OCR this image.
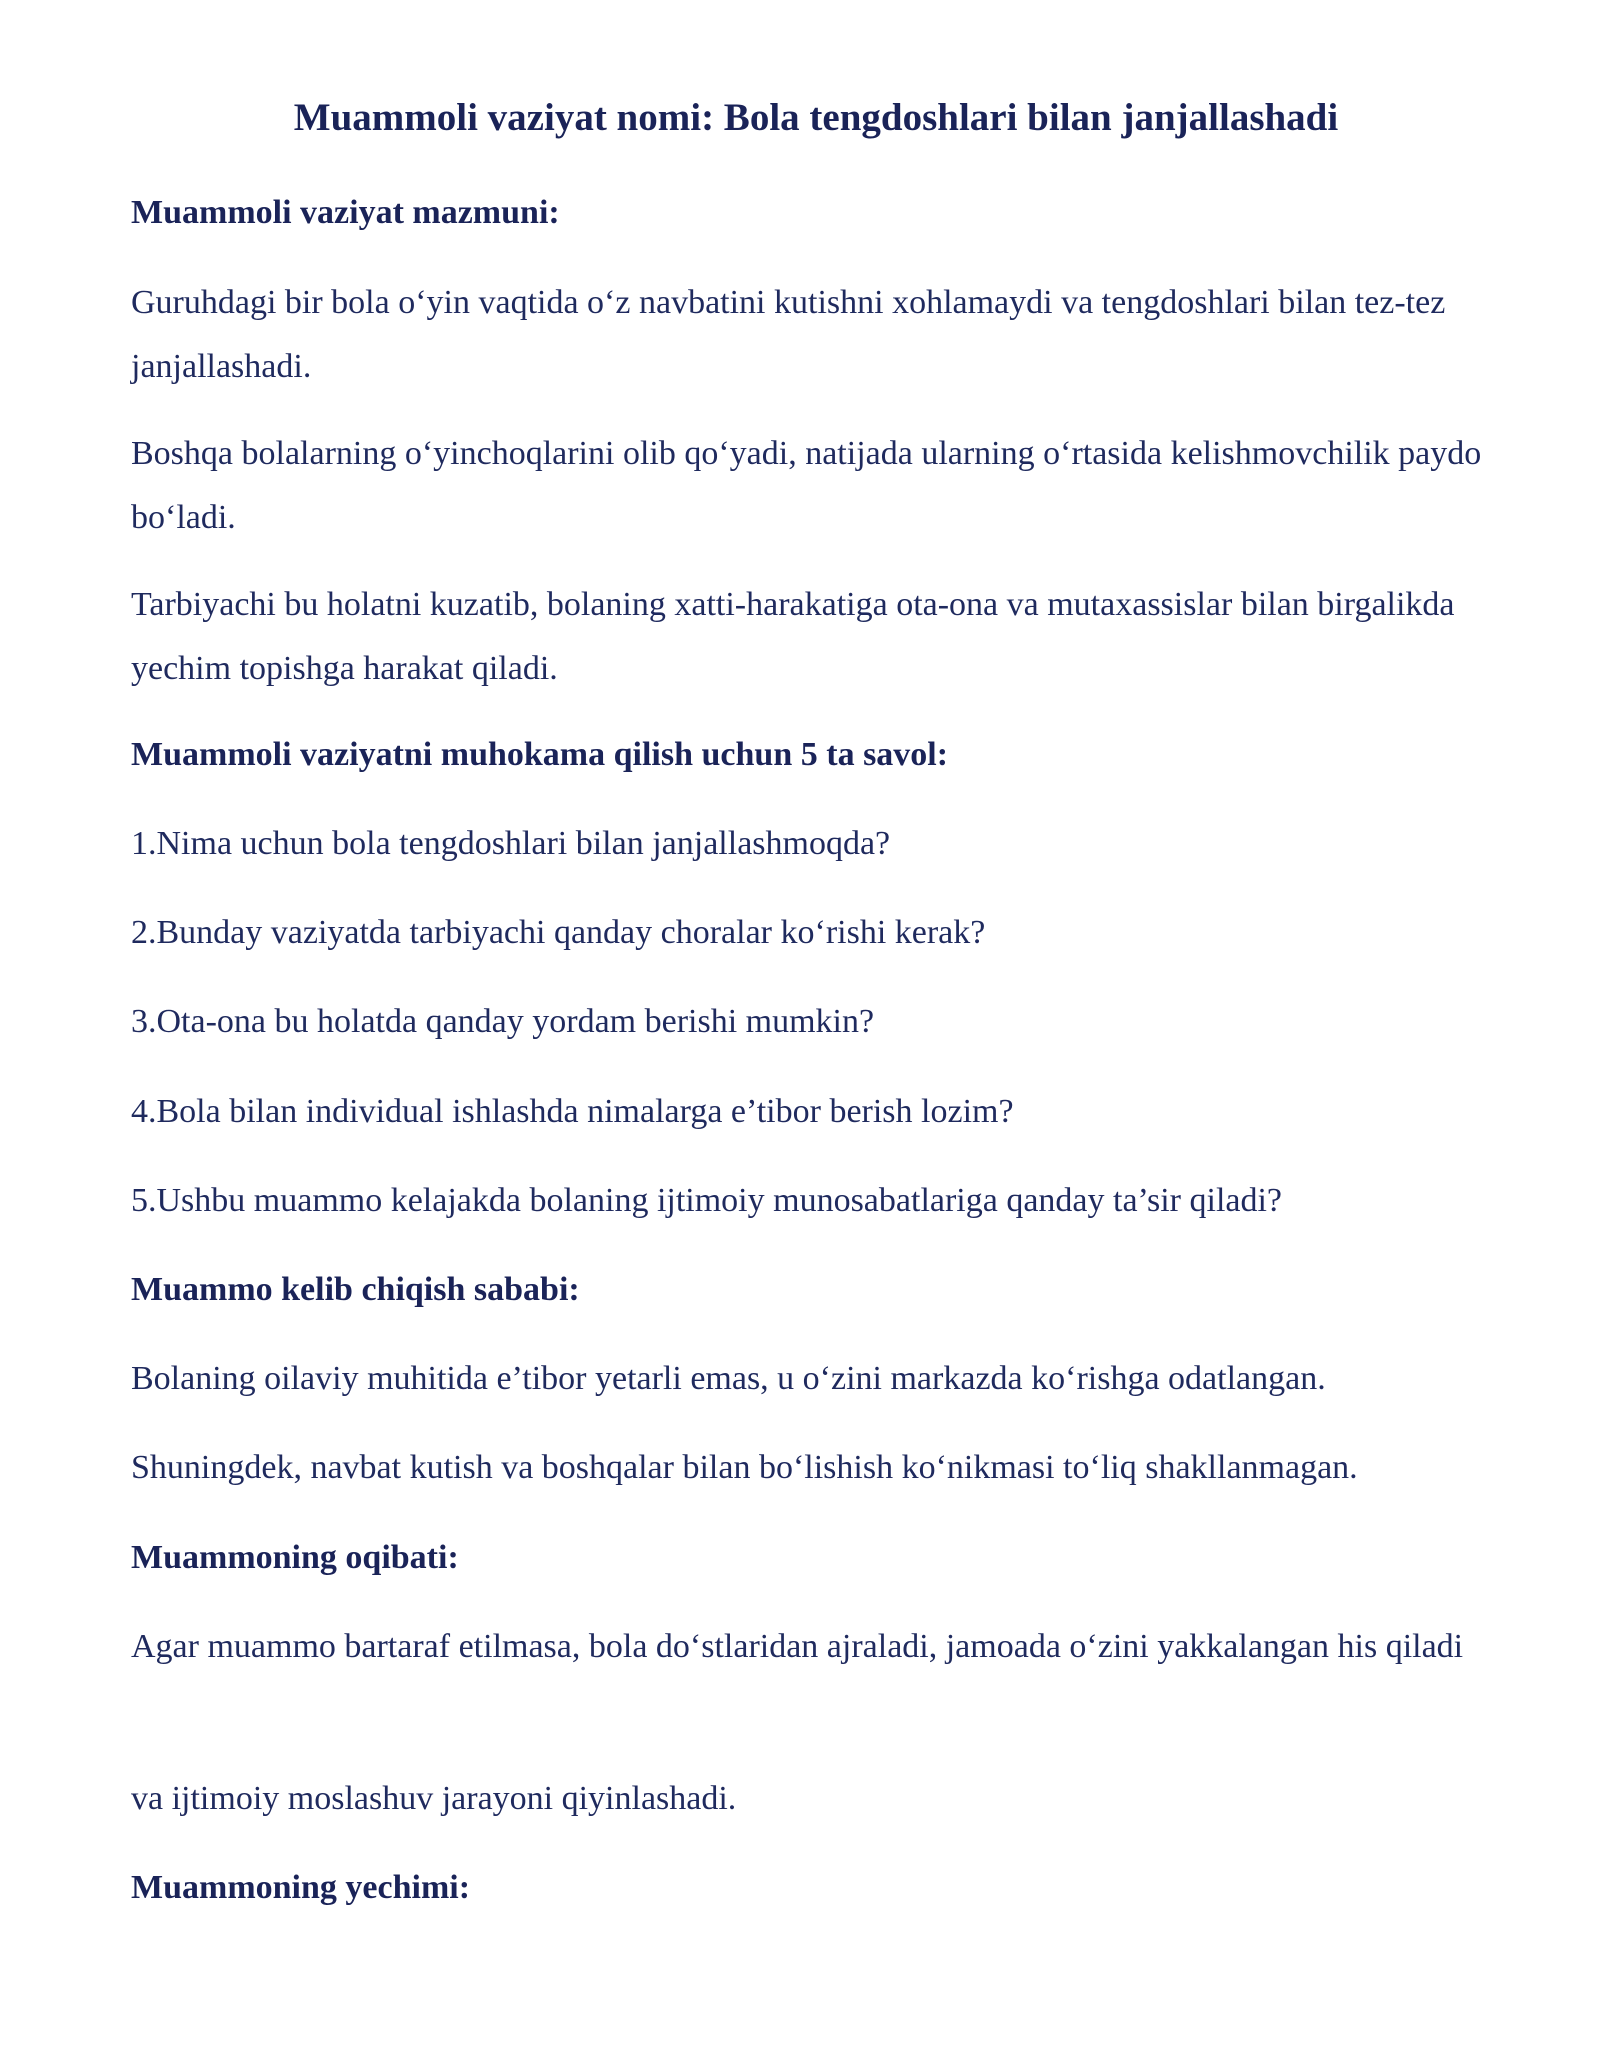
Muammoli vaziyat nomi: Bola tengdoshlari bilan janjallashadi
Muammoli vaziyat mazmuni:
Guruhdagi bir bola o‘yin vaqtida o‘z navbatini kutishni xohlamaydi va tengdoshlari bilan tez-tez janjallashadi.
Boshqa bolalarning o‘yinchoqlarini olib qo‘yadi, natijada ularning o‘rtasida kelishmovchilik paydo bo‘ladi.
Tarbiyachi bu holatni kuzatib, bolaning xatti-harakatiga ota-ona va mutaxassislar bilan birgalikda yechim topishga harakat qiladi.
Muammoli vaziyatni muhokama qilish uchun 5 ta savol:
1.Nima uchun bola tengdoshlari bilan janjallashmoqda?
2.Bunday vaziyatda tarbiyachi qanday choralar ko‘rishi kerak?
3.Ota-ona bu holatda qanday yordam berishi mumkin?
4.Bola bilan individual ishlashda nimalarga e’tibor berish lozim?
5.Ushbu muammo kelajakda bolaning ijtimoiy munosabatlariga qanday ta’sir qiladi?
Muammo kelib chiqish sababi:
Bolaning oilaviy muhitida e’tibor yetarli emas, u o‘zini markazda ko‘rishga odatlangan.
Shuningdek, navbat kutish va boshqalar bilan bo‘lishish ko‘nikmasi to‘liq shakllanmagan.
Muammoning oqibati:
Agar muammo bartaraf etilmasa, bola do‘stlaridan ajraladi, jamoada o‘zini yakkalangan his qiladi
va ijtimoiy moslashuv jarayoni qiyinlashadi.
Muammoning yechimi:
